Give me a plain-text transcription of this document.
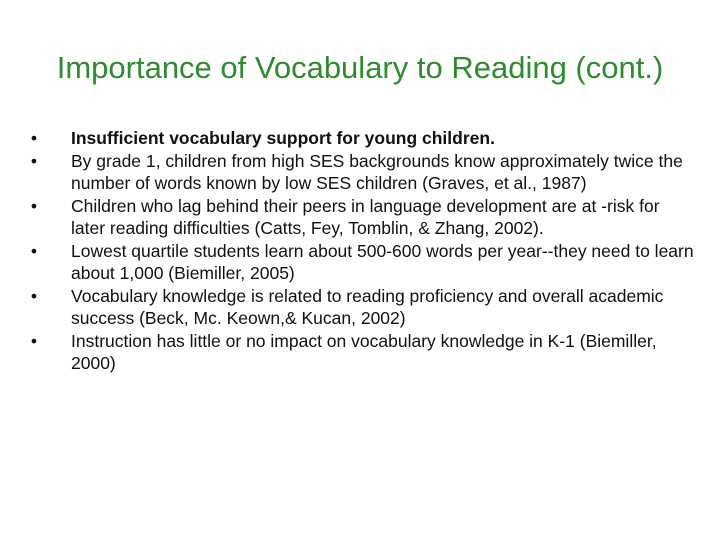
Importance of Vocabulary to Reading (cont.)
• Insufficient vocabulary support for young children.
• By grade 1, children from high SES backgrounds know approximately twice the number of words known by low SES children (Graves, et al., 1987)
• Children who lag behind their peers in language development are at -risk for later reading difficulties (Catts, Fey, Tomblin, & Zhang, 2002).
• Lowest quartile students learn about 500-600 words per year--they need to learn about 1,000 (Biemiller, 2005)
• Vocabulary knowledge is related to reading proficiency and overall academic success (Beck, Mc. Keown,& Kucan, 2002)
• Instruction has little or no impact on vocabulary knowledge in K-1 (Biemiller, 2000)
